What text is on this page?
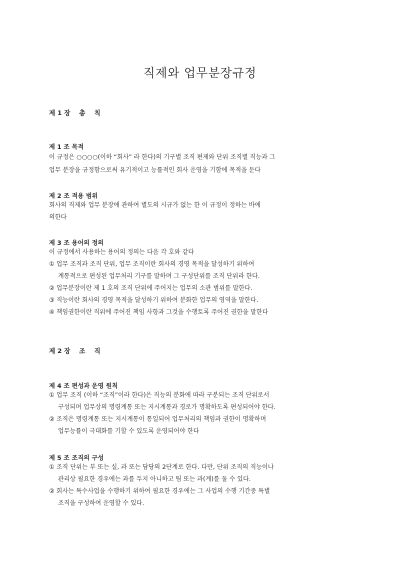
직제와 업무분장규정
제 1 장    총    칙
제 1 조 목적
이 규정은 ○○○○(이하 “회사” 라 한다)의 기구별 조직 편제와 단위 조직별 직능과 그
업무 분장을 규정함으로써 유기적이고 능률적인 회사 운영을 기함에 목적을 둔다
제 2 조 적용 범위
회사의 직제와 업무 분장에 관하여 별도의 시규가 없는 한 이 규정이 정하는 바에
의한다
제 3 조 용어의 정의
이 규정에서 사용하는 용어의 정의는 다음 각 호와 같다
① 업무 조직과 조직 단위, 업무 조직이란 회사의 경영 목적을 달성하기 위하여
계통적으로 편성된 업무처리 기구를 말하며 그 구성단위를 조직 단위라 한다.
② 업무분장이란 제 1 호의 조직 단위에 주어지는 업무의 소관 범위를 말한다.
③ 직능이란 회사의 경영 목적을 달성하기 위하여 분화한 업무의 영역을 말한다.
④ 책임권한이란 직위에 주어진 책임 사항과 그것을 수행토록 주어진 권한을 말한다
제 2 장    조    직
제 4 조 편성과 운영 원칙
① 업무 조직 (이하 “조직”이라 한다)은 직능의 분화에 따라 구분되는 조직 단위로서
구성되며 업무상의 명령계통 또는 지시계통과 경로가 명확하도록 편성되어야 한다.
② 조직은 명령계통 또는 지시계통이 통일되어 업무처리의 책임과 권한이 명확하며
업무능률이 극대화를 기할 수 있도록 운영되어야 한다
제 5 조 조직의 구성
① 조직 단위는 부 또는 실, 과 또는 담당의 2단계로 한다. 다만, 단위 조직의 직능이나
관리상 필요한 경우에는 과를 두지 아니하고 팀 또는 과(계)를 둘 수 있다.
② 회사는 특수사업을 수행하기 위하여 필요한 경우에는 그 사업의 수행 기간중 특별
조직을 구성하여 운영할 수 있다.
